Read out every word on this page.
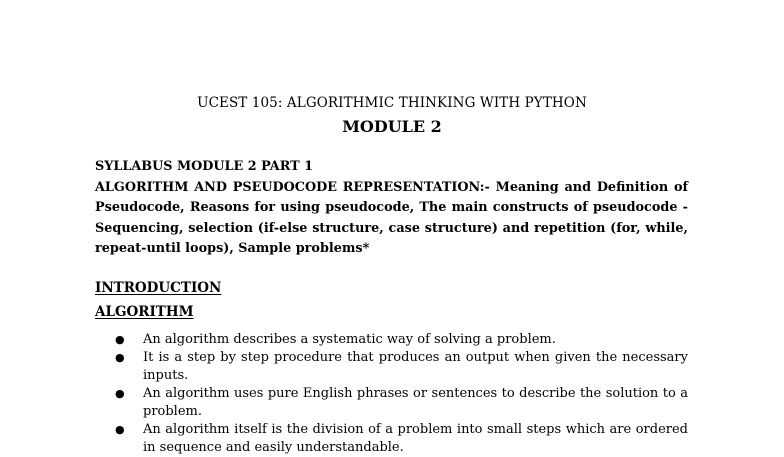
UCEST 105: ALGORITHMIC THINKING WITH PYTHON
MODULE 2
SYLLABUS MODULE 2 PART 1
ALGORITHM AND PSEUDOCODE REPRESENTATION:- Meaning and Definition of Pseudocode, Reasons for using pseudocode, The main constructs of pseudocode - Sequencing, selection (if-else structure, case structure) and repetition (for, while, repeat-until loops), Sample problems*
INTRODUCTION
ALGORITHM
● An algorithm describes a systematic way of solving a problem.
● It is a step by step procedure that produces an output when given the necessary inputs.
● An algorithm uses pure English phrases or sentences to describe the solution to a problem.
● An algorithm itself is the division of a problem into small steps which are ordered in sequence and easily understandable.
